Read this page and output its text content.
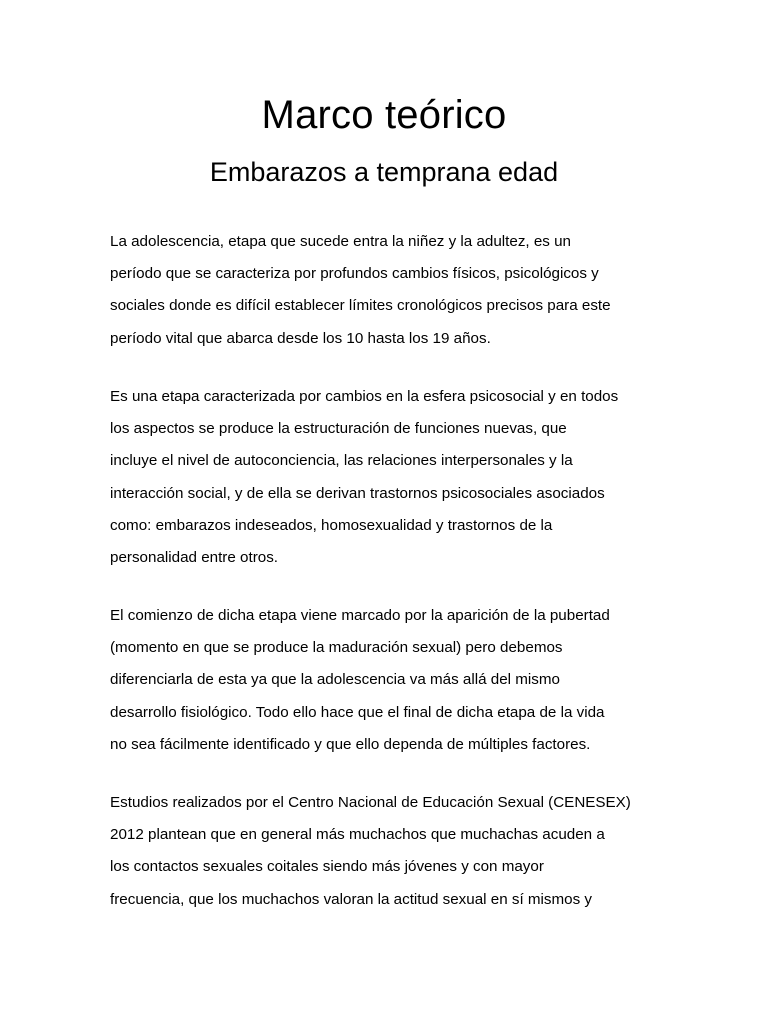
Marco teórico
Embarazos a temprana edad

La adolescencia, etapa que sucede entra la niñez y la adultez, es un
período que se caracteriza por profundos cambios físicos, psicológicos y
sociales donde es difícil establecer límites cronológicos precisos para este
período vital que abarca desde los 10 hasta los 19 años.

Es una etapa caracterizada por cambios en la esfera psicosocial y en todos
los aspectos se produce la estructuración de funciones nuevas, que
incluye el nivel de autoconciencia, las relaciones interpersonales y la
interacción social, y de ella se derivan trastornos psicosociales asociados
como: embarazos indeseados, homosexualidad y trastornos de la
personalidad entre otros.

El comienzo de dicha etapa viene marcado por la aparición de la pubertad
(momento en que se produce la maduración sexual) pero debemos
diferenciarla de esta ya que la adolescencia va más allá del mismo
desarrollo fisiológico. Todo ello hace que el final de dicha etapa de la vida
no sea fácilmente identificado y que ello dependa de múltiples factores.

Estudios realizados por el Centro Nacional de Educación Sexual (CENESEX)
2012 plantean que en general más muchachos que muchachas acuden a
los contactos sexuales coitales siendo más jóvenes y con mayor
frecuencia, que los muchachos valoran la actitud sexual en sí mismos y
